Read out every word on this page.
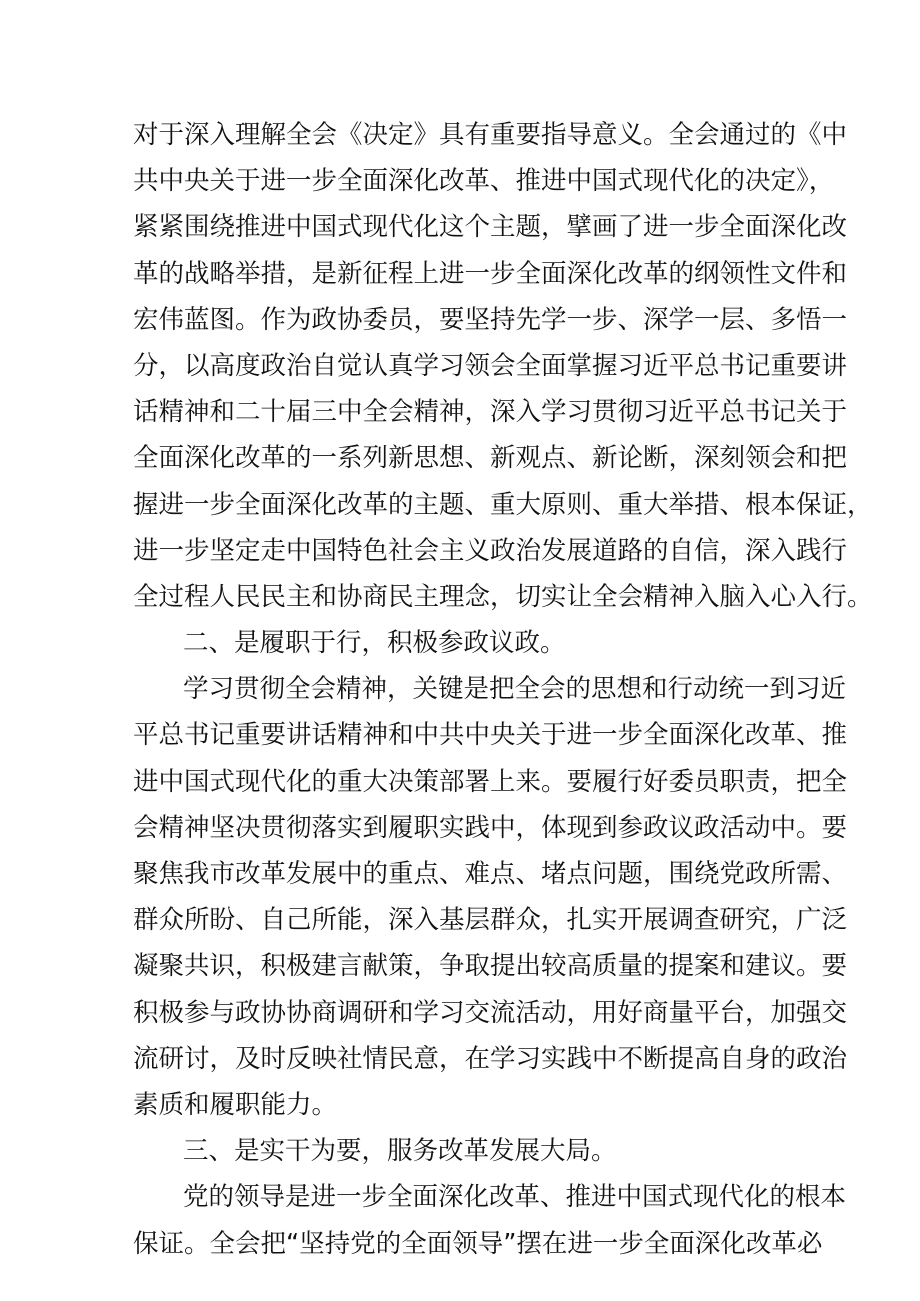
对于深入理解全会《决定》具有重要指导意义。全会通过的《中
共中央关于进一步全面深化改革、推进中国式现代化的决定》，
紧紧围绕推进中国式现代化这个主题，擘画了进一步全面深化改
革的战略举措，是新征程上进一步全面深化改革的纲领性文件和
宏伟蓝图。作为政协委员，要坚持先学一步、深学一层、多悟一
分，以高度政治自觉认真学习领会全面掌握习近平总书记重要讲
话精神和二十届三中全会精神，深入学习贯彻习近平总书记关于
全面深化改革的一系列新思想、新观点、新论断，深刻领会和把
握进一步全面深化改革的主题、重大原则、重大举措、根本保证，
进一步坚定走中国特色社会主义政治发展道路的自信，深入践行
全过程人民民主和协商民主理念，切实让全会精神入脑入心入行。
二、是履职于行，积极参政议政。
学习贯彻全会精神，关键是把全会的思想和行动统一到习近
平总书记重要讲话精神和中共中央关于进一步全面深化改革、推
进中国式现代化的重大决策部署上来。要履行好委员职责，把全
会精神坚决贯彻落实到履职实践中，体现到参政议政活动中。要
聚焦我市改革发展中的重点、难点、堵点问题，围绕党政所需、
群众所盼、自己所能，深入基层群众，扎实开展调查研究，广泛
凝聚共识，积极建言献策，争取提出较高质量的提案和建议。要
积极参与政协协商调研和学习交流活动，用好商量平台，加强交
流研讨，及时反映社情民意，在学习实践中不断提高自身的政治
素质和履职能力。
三、是实干为要，服务改革发展大局。
党的领导是进一步全面深化改革、推进中国式现代化的根本
保证。全会把“坚持党的全面领导”摆在进一步全面深化改革必
